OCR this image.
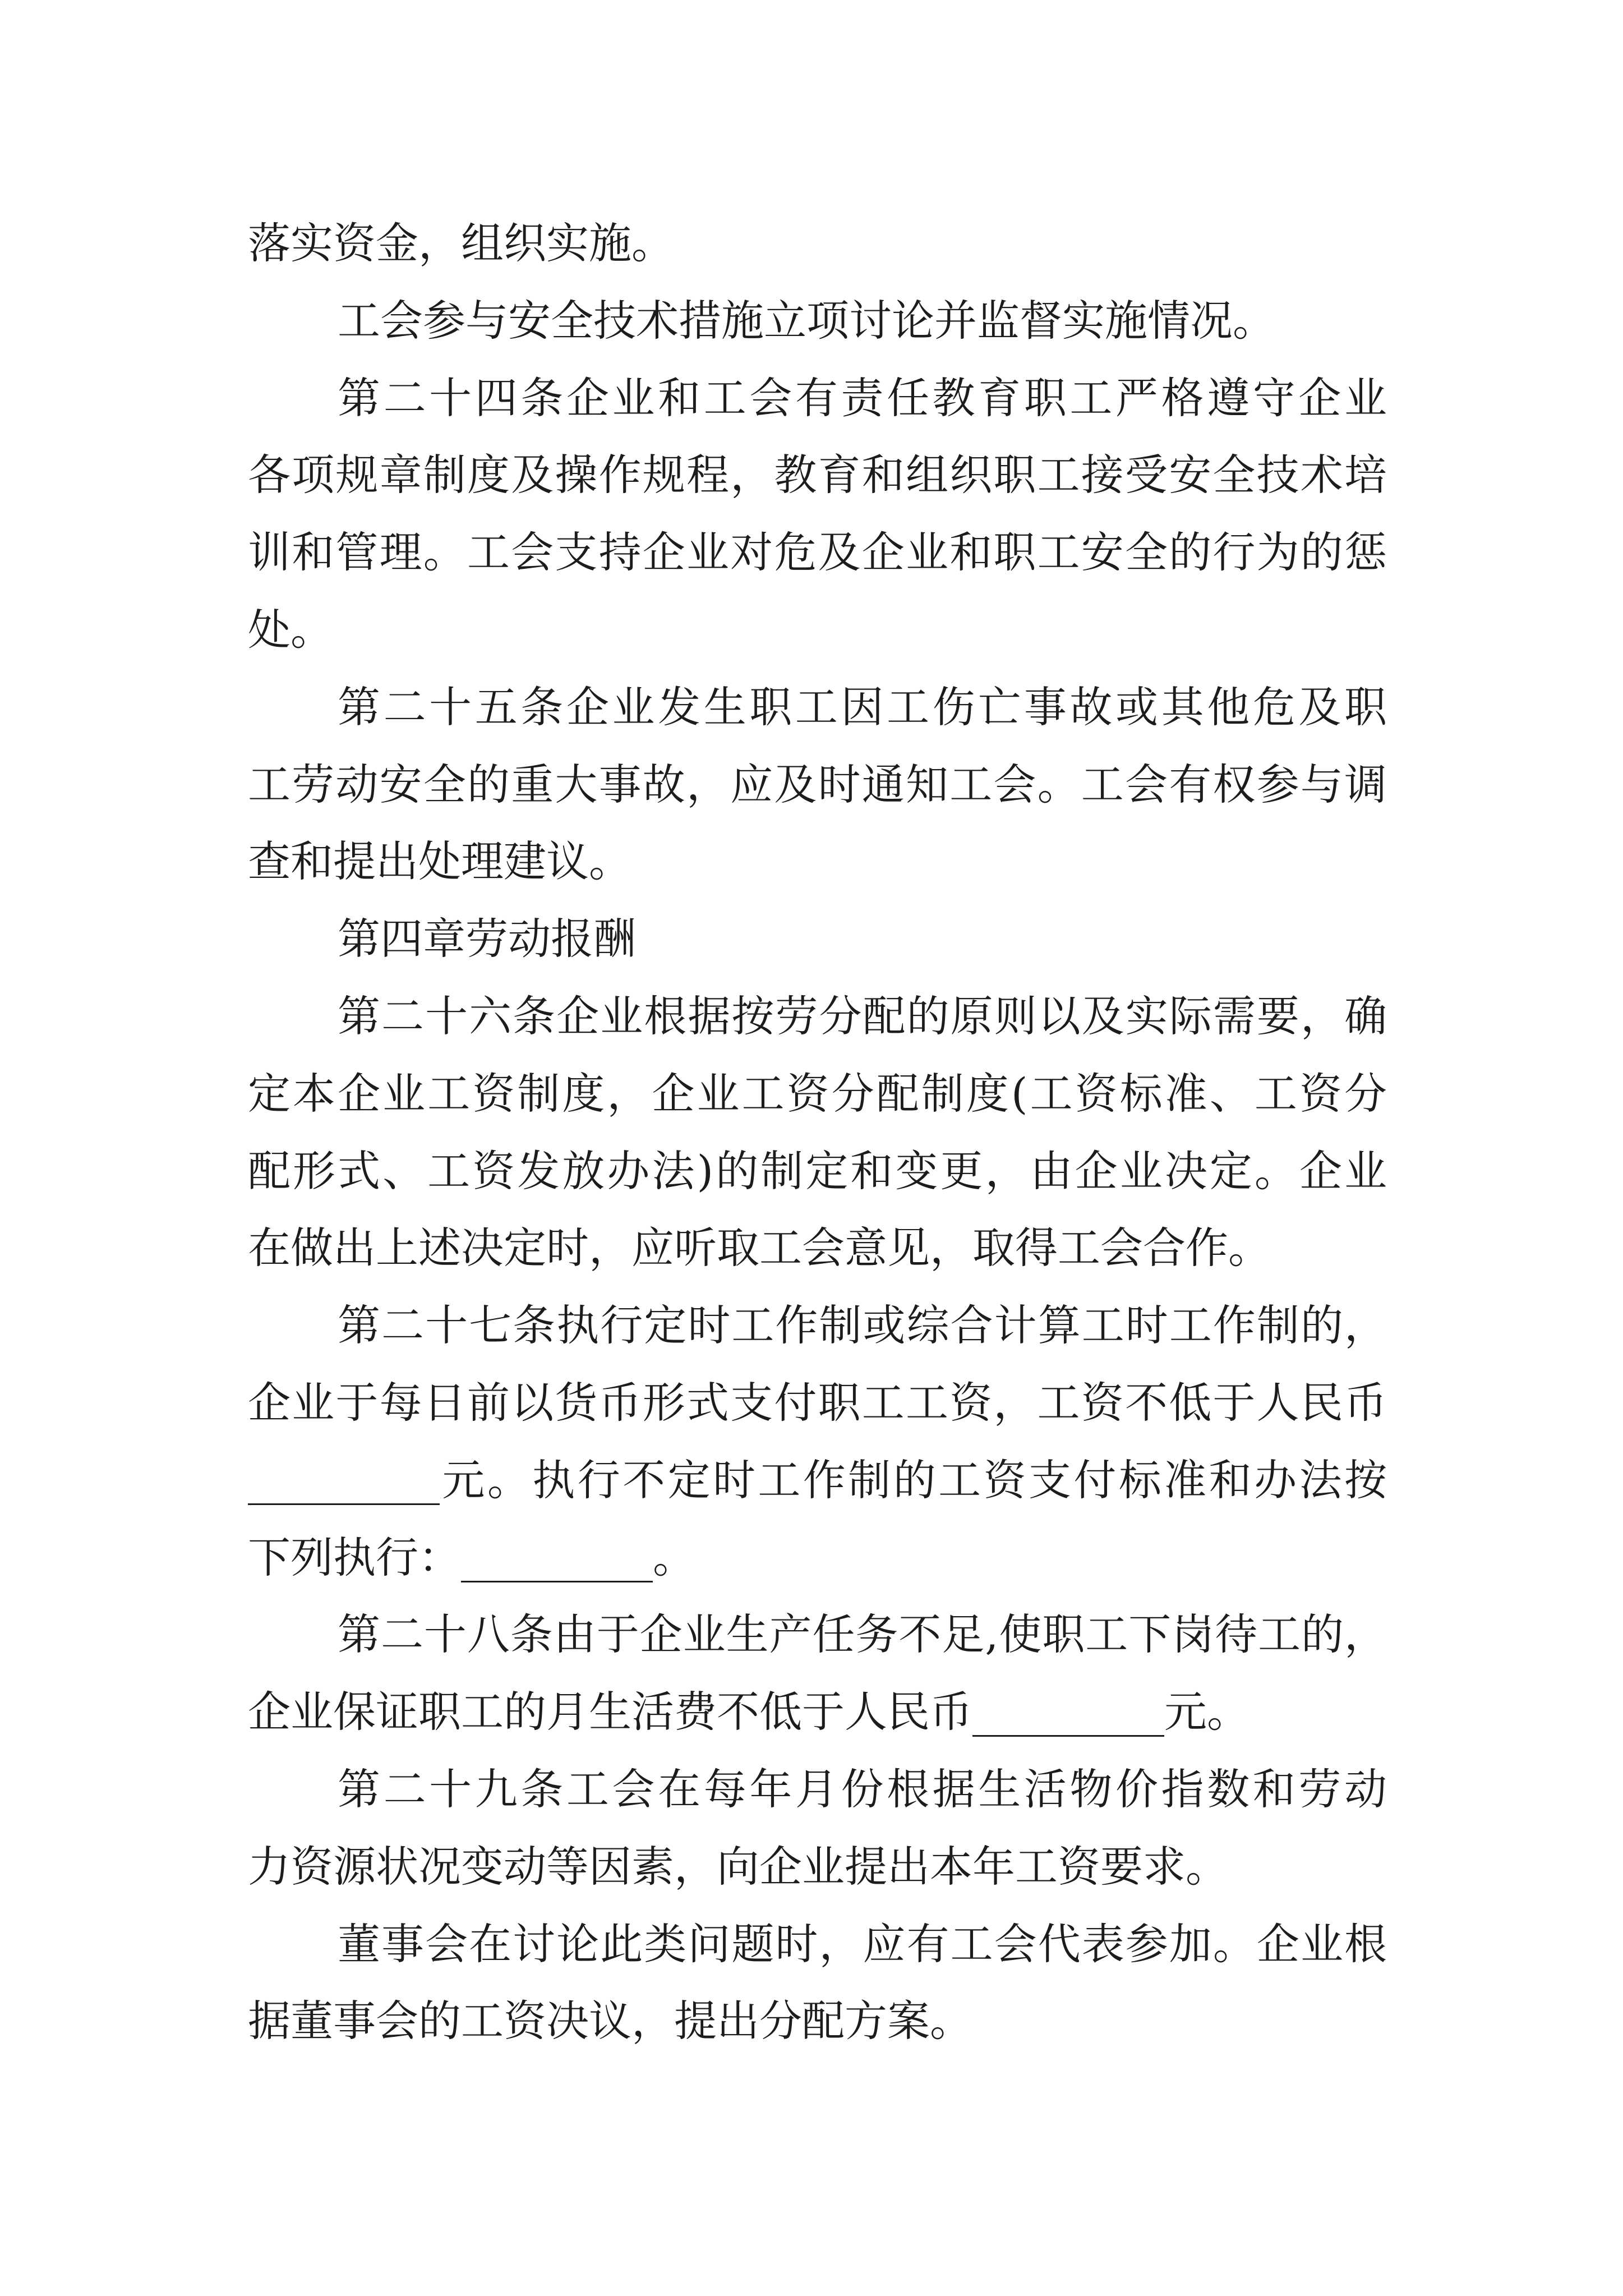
落实资金，组织实施。
工会参与安全技术措施立项讨论并监督实施情况。
第二十四条企业和工会有责任教育职工严格遵守企业
各项规章制度及操作规程，教育和组织职工接受安全技术培
训和管理。工会支持企业对危及企业和职工安全的行为的惩
处。
第二十五条企业发生职工因工伤亡事故或其他危及职
工劳动安全的重大事故，应及时通知工会。工会有权参与调
查和提出处理建议。
第四章劳动报酬
第二十六条企业根据按劳分配的原则以及实际需要，确
定本企业工资制度，企业工资分配制度(工资标准、工资分
配形式、工资发放办法)的制定和变更，由企业决定。企业
在做出上述决定时，应听取工会意见，取得工会合作。
第二十七条执行定时工作制或综合计算工时工作制的，
企业于每日前以货币形式支付职工工资，工资不低于人民币
_________元。执行不定时工作制的工资支付标准和办法按
下列执行：_________。
第二十八条由于企业生产任务不足,使职工下岗待工的，
企业保证职工的月生活费不低于人民币_________元。
第二十九条工会在每年月份根据生活物价指数和劳动
力资源状况变动等因素，向企业提出本年工资要求。
董事会在讨论此类问题时，应有工会代表参加。企业根
据董事会的工资决议，提出分配方案。
